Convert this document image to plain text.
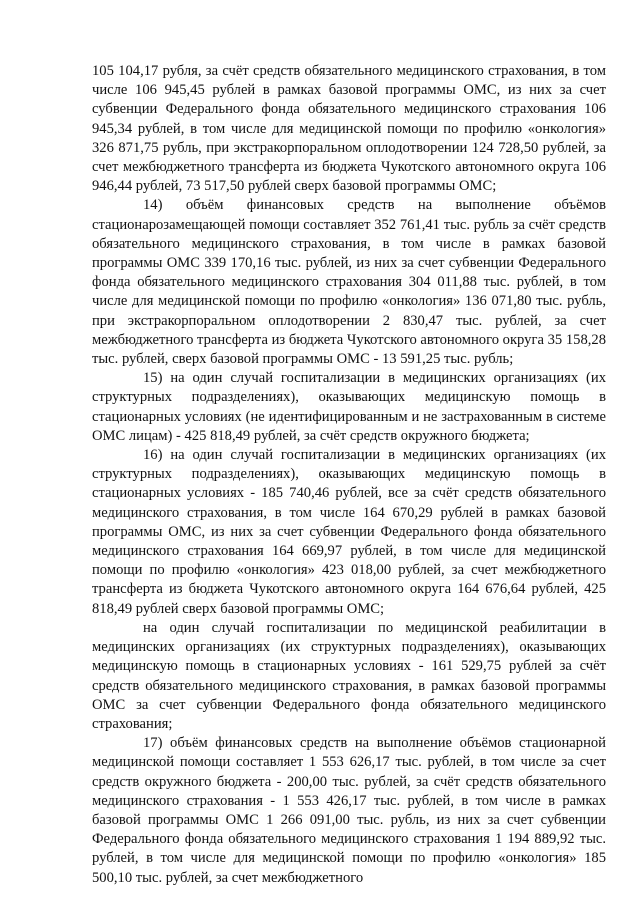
105 104,17 рубля, за счёт средств обязательного медицинского страхования, в том числе 106 945,45 рублей в рамках базовой программы ОМС, из них за счет субвенции Федерального фонда обязательного медицинского страхования 106 945,34 рублей, в том числе для медицинской помощи по профилю «онкология» 326 871,75 рубль, при экстракорпоральном оплодотворении 124 728,50 рублей, за счет межбюджетного трансферта из бюджета Чукотского автономного округа 106 946,44 рублей, 73 517,50 рублей сверх базовой программы ОМС;

14) объём финансовых средств на выполнение объёмов стационарозамещающей помощи составляет 352 761,41 тыс. рубль за счёт средств обязательного медицинского страхования, в том числе в рамках базовой программы ОМС 339 170,16 тыс. рублей, из них за счет субвенции Федерального фонда обязательного медицинского страхования 304 011,88 тыс. рублей, в том числе для медицинской помощи по профилю «онкология» 136 071,80 тыс. рубль, при экстракорпоральном оплодотворении 2 830,47 тыс. рублей, за счет межбюджетного трансферта из бюджета Чукотского автономного округа 35 158,28 тыс. рублей, сверх базовой программы ОМС - 13 591,25 тыс. рубль;

15) на один случай госпитализации в медицинских организациях (их структурных подразделениях), оказывающих медицинскую помощь в стационарных условиях (не идентифицированным и не застрахованным в системе ОМС лицам) - 425 818,49 рублей, за счёт средств окружного бюджета;

16) на один случай госпитализации в медицинских организациях (их структурных подразделениях), оказывающих медицинскую помощь в стационарных условиях - 185 740,46 рублей, все за счёт средств обязательного медицинского страхования, в том числе 164 670,29 рублей в рамках базовой программы ОМС, из них за счет субвенции Федерального фонда обязательного медицинского страхования 164 669,97 рублей, в том числе для медицинской помощи по профилю «онкология» 423 018,00 рублей, за счет межбюджетного трансферта из бюджета Чукотского автономного округа 164 676,64 рублей, 425 818,49 рублей сверх базовой программы ОМС;

на один случай госпитализации по медицинской реабилитации в медицинских организациях (их структурных подразделениях), оказывающих медицинскую помощь в стационарных условиях - 161 529,75 рублей за счёт средств обязательного медицинского страхования, в рамках базовой программы ОМС за счет субвенции Федерального фонда обязательного медицинского страхования;

17) объём финансовых средств на выполнение объёмов стационарной медицинской помощи составляет 1 553 626,17 тыс. рублей, в том числе за счет средств окружного бюджета - 200,00 тыс. рублей, за счёт средств обязательного медицинского страхования - 1 553 426,17 тыс. рублей, в том числе в рамках базовой программы ОМС 1 266 091,00 тыс. рубль, из них за счет субвенции Федерального фонда обязательного медицинского страхования 1 194 889,92 тыс. рублей, в том числе для медицинской помощи по профилю «онкология» 185 500,10 тыс. рублей, за счет межбюджетного
